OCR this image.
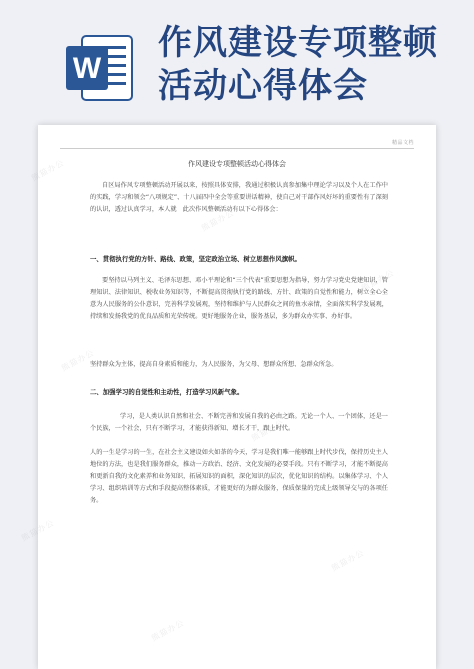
W
作风建设专项整顿
活动心得体会
精品文档
作风建设专项整顿活动心得体会
自区局作风专项整顿活动开展以来，按照具体安排，我通过积极认真参加集中理论学习以及个人在工作中的实践，学习和领会“八项规定”、十八届四中全会等重要讲话精神，使自己对干部作风好坏的重要性有了深刻的认识，透过认真学习，本人就　此次作风整顿活动有以下心得体会：
一、贯彻执行党的方针、路线、政策，坚定政治立场、树立思想作风旗帜。
要坚持以马列主义、毛泽东思想、邓小平理论和“三个代表”重要思想为指导，努力学习党史党建知识，管理知识、法律知识、税收业务知识等，不断提高贯彻执行党的路线、方针、政策的自觉性和能力，树立全心全意为人民服务的公仆意识，完善科学发展观，坚持和维护与人民群众之间的鱼水亲情，全面落实科学发展观，持续和发扬我党的优良品质和光荣传统。更好地服务企业，服务基层，多为群众办实事、办好事。
坚持群众为主体，提高自身素质和能力，为人民服务，为父母、想群众所想、急群众所急。
二、加强学习的自觉性和主动性，打造学习风新气象。
学习，是人类认识自然和社会、不断完善和发展自我的必由之路。无论一个人、一个团体，还是一个民族，一个社会，只有不断学习，才能获得新知、增长才干，跟上时代。
人的一生是学习的一生，在社会主义建设如火如荼的今天，学习是我们唯一能够跟上时代步伐，保持历史主人地位的方法，也是我们服务群众，推动一方政治、经济、文化发展的必要手段。只有不断学习，才能不断提高和更新自我的文化素养和业务知识，拓展知识的面积，深化知识的层次，优化知识的结构。以集体学习、个人学习、组织培训等方式和手段提高整体素质，才能更好的为群众服务，保质保量的完成上级领导交与的各项任务。
